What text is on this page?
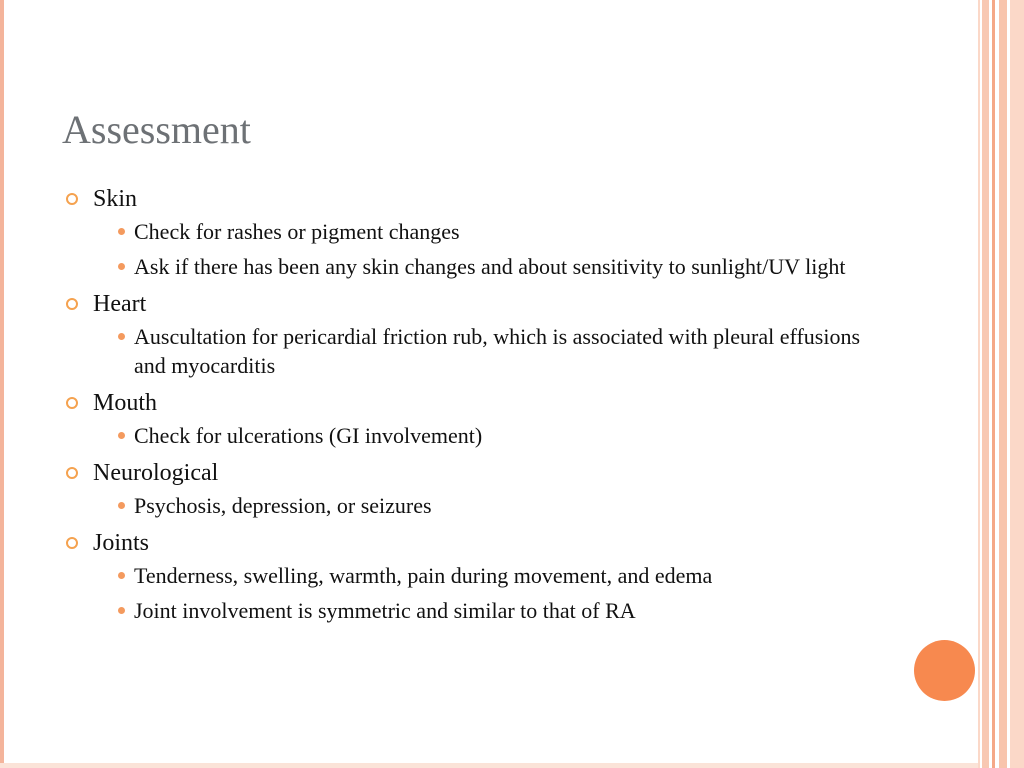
Assessment
Skin
Check for rashes or pigment changes
Ask if there has been any skin changes and about sensitivity to sunlight/UV light
Heart
Auscultation for pericardial friction rub, which is associated with pleural effusions and myocarditis
Mouth
Check for ulcerations (GI involvement)
Neurological
Psychosis, depression, or seizures
Joints
Tenderness, swelling, warmth, pain during movement, and edema
Joint involvement is symmetric and similar to that of RA
